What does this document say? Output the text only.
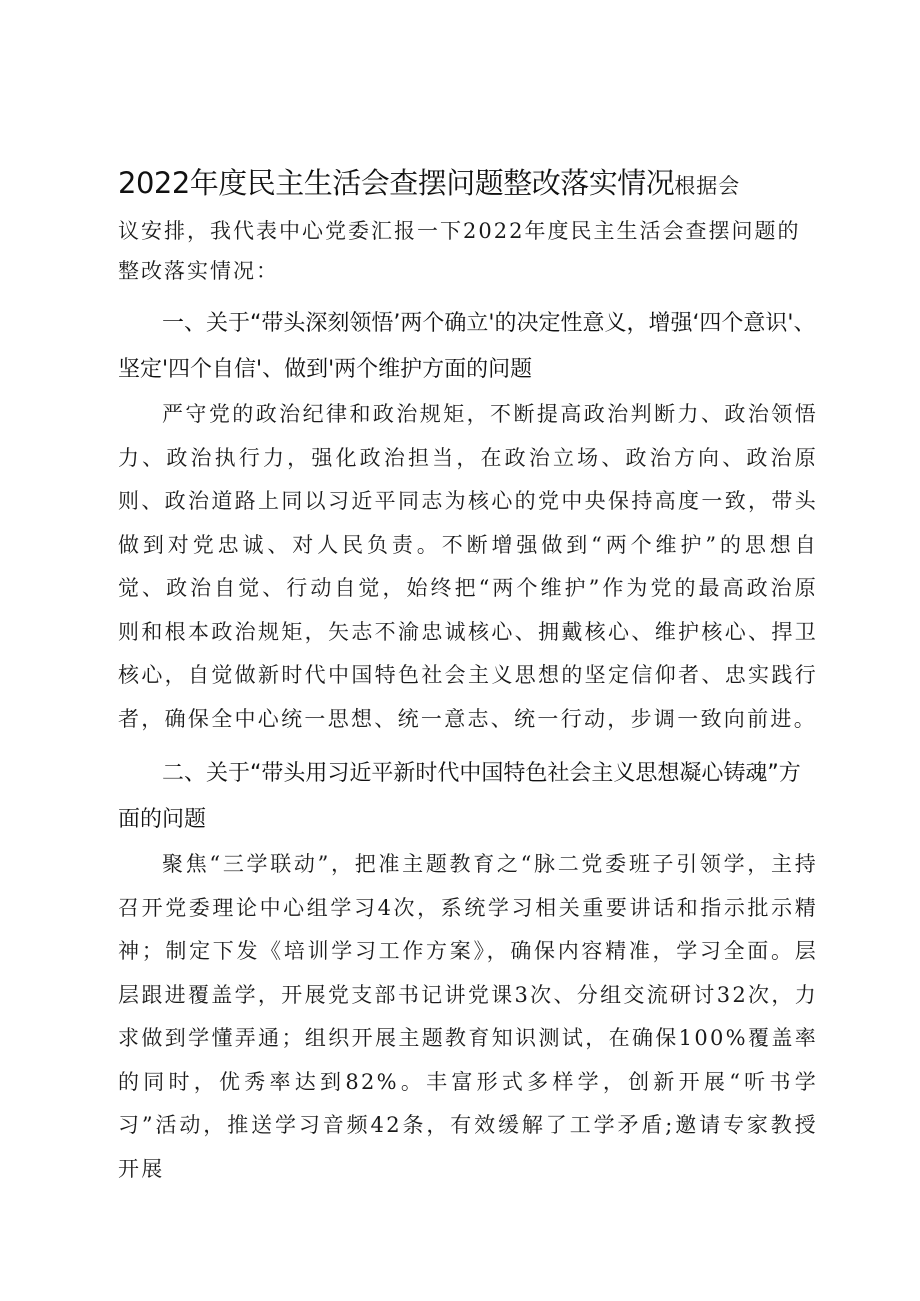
2022年度民主生活会查摆问题整改落实情况根据会

议安排，我代表中心党委汇报一下2022年度民主生活会查摆问题的整改落实情况：

一、关于“带头深刻领悟’两个确立'的决定性意义，增强‘四个意识'、坚定'四个自信'、做到'两个维护方面的问题

严守党的政治纪律和政治规矩，不断提高政治判断力、政治领悟力、政治执行力，强化政治担当，在政治立场、政治方向、政治原则、政治道路上同以习近平同志为核心的党中央保持高度一致，带头做到对党忠诚、对人民负责。不断增强做到“两个维护”的思想自觉、政治自觉、行动自觉，始终把“两个维护”作为党的最高政治原则和根本政治规矩，矢志不渝忠诚核心、拥戴核心、维护核心、捍卫核心，自觉做新时代中国特色社会主义思想的坚定信仰者、忠实践行者，确保全中心统一思想、统一意志、统一行动，步调一致向前进。

二、关于“带头用习近平新时代中国特色社会主义思想凝心铸魂”方面的问题

聚焦“三学联动”，把准主题教育之“脉二党委班子引领学，主持召开党委理论中心组学习4次，系统学习相关重要讲话和指示批示精神；制定下发《培训学习工作方案》，确保内容精准，学习全面。层层跟进覆盖学，开展党支部书记讲党课3次、分组交流研讨32次，力求做到学懂弄通；组织开展主题教育知识测试，在确保100%覆盖率的同时，优秀率达到82%。丰富形式多样学，创新开展“听书学习”活动，推送学习音频42条，有效缓解了工学矛盾;邀请专家教授开展
